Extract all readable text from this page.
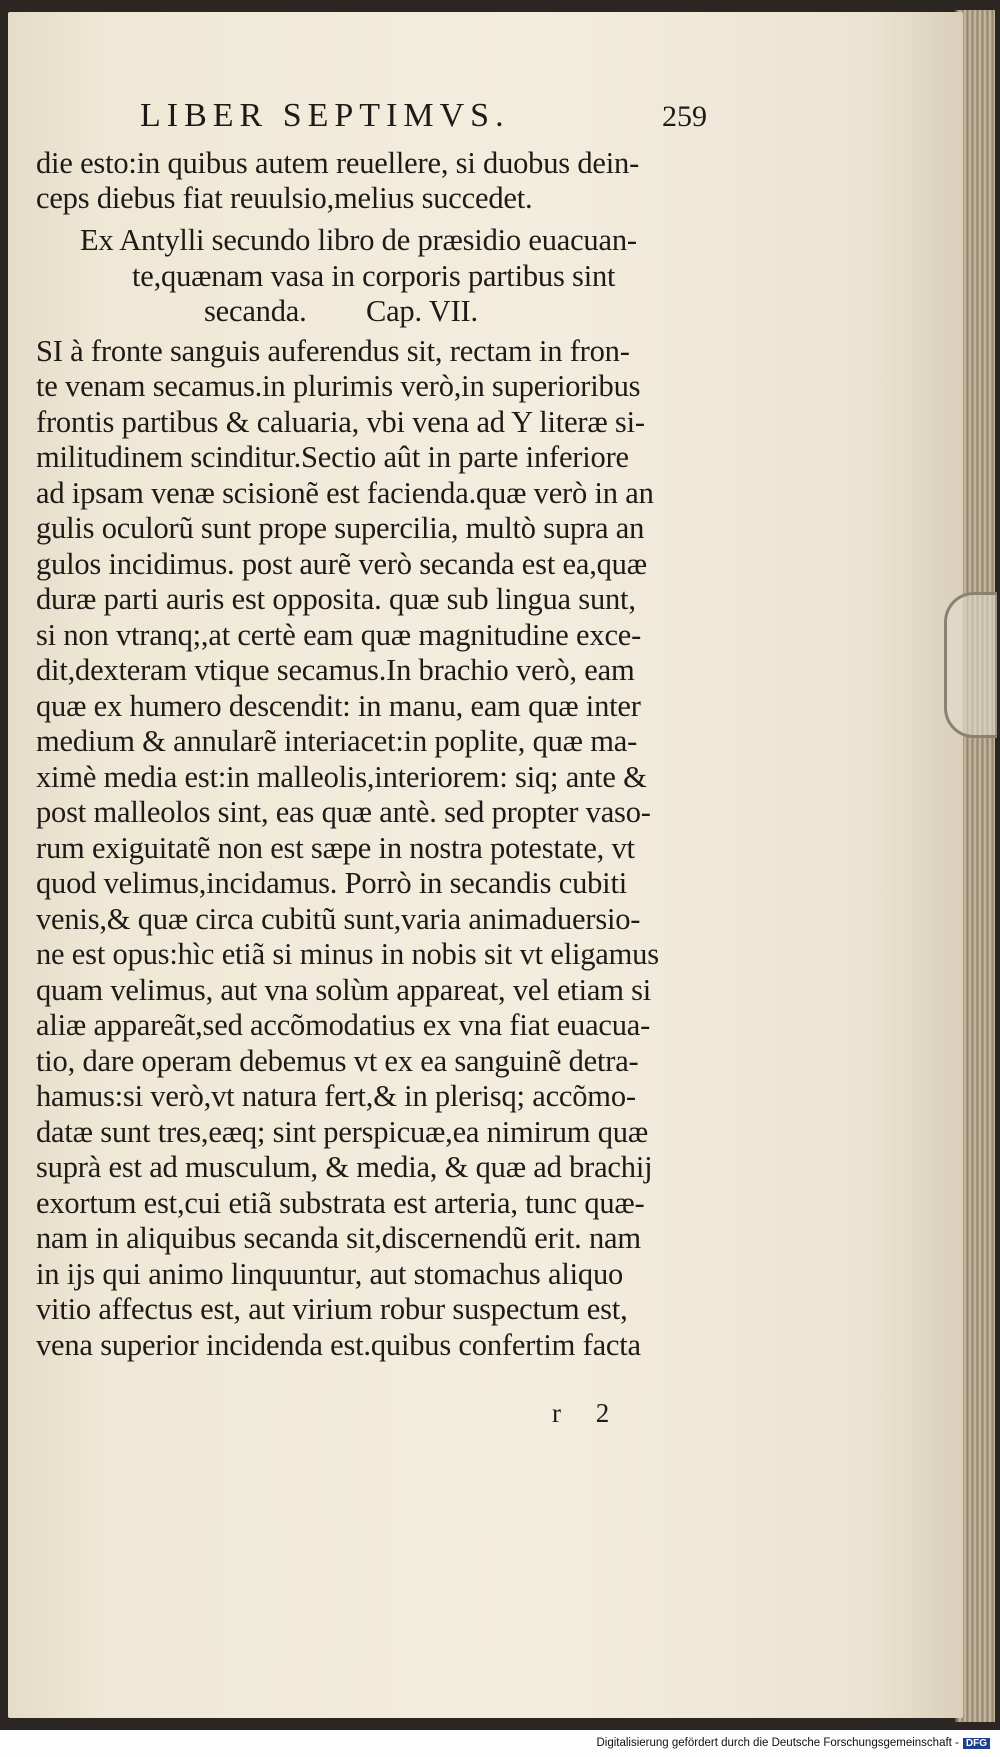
LIBER SEPTIMVS.	259
die esto:in quibus autem reuellere, si duobus dein-
ceps diebus fiat reuulsio,melius succedet.
Ex Antylli secundo libro de præsidio euacuan-
te,quænam vasa in corporis partibus sint
secanda.        Cap. VII.
SI à fronte sanguis auferendus sit, rectam in fron-
te venam secamus.in plurimis verò,in superioribus
frontis partibus & caluaria, vbi vena ad Y literæ si-
militudinem scinditur.Sectio aût in parte inferiore
ad ipsam venæ scisionẽ est facienda.quæ verò in an
gulis oculorũ sunt prope supercilia, multò supra an
gulos incidimus. post aurẽ verò secanda est ea,quæ
duræ parti auris est opposita. quæ sub lingua sunt,
si non vtranq;,at certè eam quæ magnitudine exce-
dit,dexteram vtique secamus.In brachio verò, eam
quæ ex humero descendit: in manu, eam quæ inter
medium & annularẽ interiacet:in poplite, quæ ma-
ximè media est:in malleolis,interiorem: siq; ante &
post malleolos sint, eas quæ antè. sed propter vaso-
rum exiguitatẽ non est sæpe in nostra potestate, vt
quod velimus,incidamus. Porrò in secandis cubiti
venis,& quæ circa cubitũ sunt,varia animaduersio-
ne est opus:hìc etiã si minus in nobis sit vt eligamus
quam velimus, aut vna solùm appareat, vel etiam si
aliæ appareãt,sed accõmodatius ex vna fiat euacua-
tio, dare operam debemus vt ex ea sanguinẽ detra-
hamus:si verò,vt natura fert,& in plerisq; accõmo-
datæ sunt tres,eæq; sint perspicuæ,ea nimirum quæ
suprà est ad musculum, & media, & quæ ad brachij
exortum est,cui etiã substrata est arteria, tunc quæ-
nam in aliquibus secanda sit,discernendũ erit. nam
in ijs qui animo linquuntur, aut stomachus aliquo
vitio affectus est, aut virium robur suspectum est,
vena superior incidenda est.quibus confertim facta
r 2
Digitalisierung gefördert durch die Deutsche Forschungsgemeinschaft - DFG
